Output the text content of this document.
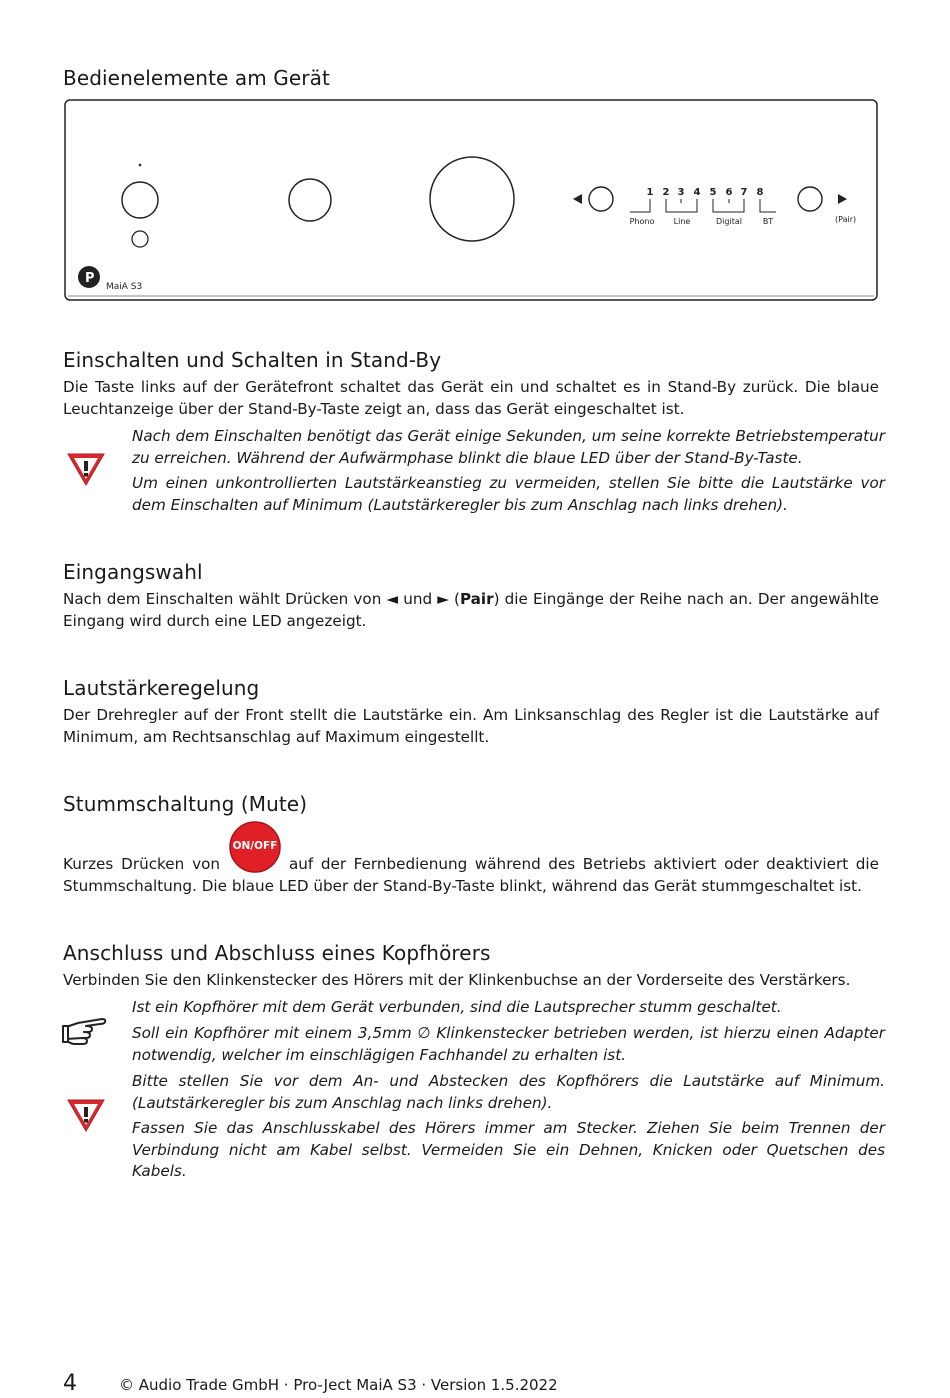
Bedienelemente am Gerät
1 2 3 4 5 6 7 8
Phono Line	Digital	BT	(Pair)
P
MaiA S3
Einschalten und Schalten in Stand-By

Die Taste links auf der Gerätefront schaltet das Gerät ein und schaltet es in Stand-By zurück. Die blaue Leuchtanzeige über der Stand-By-Taste zeigt an, dass das Gerät eingeschaltet ist.

Nach dem Einschalten benötigt das Gerät einige Sekunden, um seine korrekte Betriebstemperatur zu erreichen. Während der Aufwärmphase blinkt die blaue LED über der Stand-By-Taste.

Um einen unkontrollierten Lautstärkeanstieg zu vermeiden, stellen Sie bitte die Lautstärke vor dem Einschalten auf Minimum (Lautstärkeregler bis zum Anschlag nach links drehen).

Eingangswahl

Nach dem Einschalten wählt Drücken von ◄ und ► (Pair) die Eingänge der Reihe nach an. Der angewählte Eingang wird durch eine LED angezeigt.

Lautstärkeregelung

Der Drehregler auf der Front stellt die Lautstärke ein. Am Linksanschlag des Regler ist die Lautstärke auf Minimum, am Rechtsanschlag auf Maximum eingestellt.

Stummschaltung (Mute)
ON/OFF

Kurzes Drücken von	auf der Fernbedienung während des Betriebs aktiviert oder deaktiviert die Stummschaltung. Die blaue LED über der Stand-By-Taste blinkt, während das Gerät stummgeschaltet ist.

Anschluss und Abschluss eines Kopfhörers

Verbinden Sie den Klinkenstecker des Hörers mit der Klinkenbuchse an der Vorderseite des Verstärkers.

Ist ein Kopfhörer mit dem Gerät verbunden, sind die Lautsprecher stumm geschaltet.

Soll ein Kopfhörer mit einem 3,5mm ∅ Klinkenstecker betrieben werden, ist hierzu einen Adapter notwendig, welcher im einschlägigen Fachhandel zu erhalten ist.

Bitte stellen Sie vor dem An- und Abstecken des Kopfhörers die Lautstärke auf Minimum. (Lautstärkeregler bis zum Anschlag nach links drehen).

Fassen Sie das Anschlusskabel des Hörers immer am Stecker. Ziehen Sie beim Trennen der Verbindung nicht am Kabel selbst. Vermeiden Sie ein Dehnen, Knicken oder Quetschen des Kabels.

4	© Audio Trade GmbH · Pro-Ject MaiA S3 · Version 1.5.2022
